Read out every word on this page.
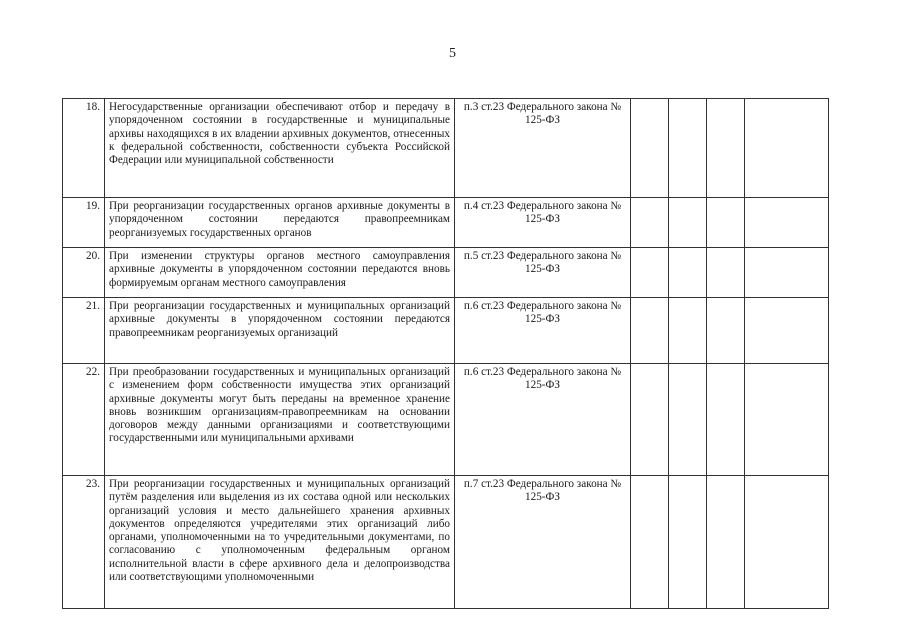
5
18.	Негосударственные организации обеспечивают отбор и передачу в упорядоченном состоянии в государственные и муниципальные архивы находящихся в их владении архивных документов, отнесенных к федеральной собственности, собственности субъекта Российской Федерации или муниципальной собственности	п.3 ст.23 Федерального закона № 125-ФЗ				
19.	При реорганизации государственных органов архивные документы в упорядоченном состоянии передаются правопреемникам реорганизуемых государственных органов	п.4 ст.23 Федерального закона № 125-ФЗ				
20.	При изменении структуры органов местного самоуправления архивные документы в упорядоченном состоянии передаются вновь формируемым органам местного самоуправления	п.5 ст.23 Федерального закона № 125-ФЗ				
21.	При реорганизации государственных и муниципальных организаций архивные документы в упорядоченном состоянии передаются правопреемникам реорганизуемых организаций	п.6 ст.23 Федерального закона № 125-ФЗ				
22.	При преобразовании государственных и муниципальных организаций с изменением форм собственности имущества этих организаций архивные документы могут быть переданы на временное хранение вновь возникшим организациям-правопреемникам на основании договоров между данными организациями и соответствующими государственными или муниципальными архивами	п.6 ст.23 Федерального закона № 125-ФЗ				
23.	При реорганизации государственных и муниципальных организаций путём разделения или выделения из их состава одной или нескольких организаций условия и место дальнейшего хранения архивных документов определяются учредителями этих организаций либо органами, уполномоченными на то учредительными документами, по согласованию с уполномоченным федеральным органом исполнительной власти в сфере архивного дела и делопроизводства или соответствующими уполномоченными	п.7 ст.23 Федерального закона № 125-ФЗ				
